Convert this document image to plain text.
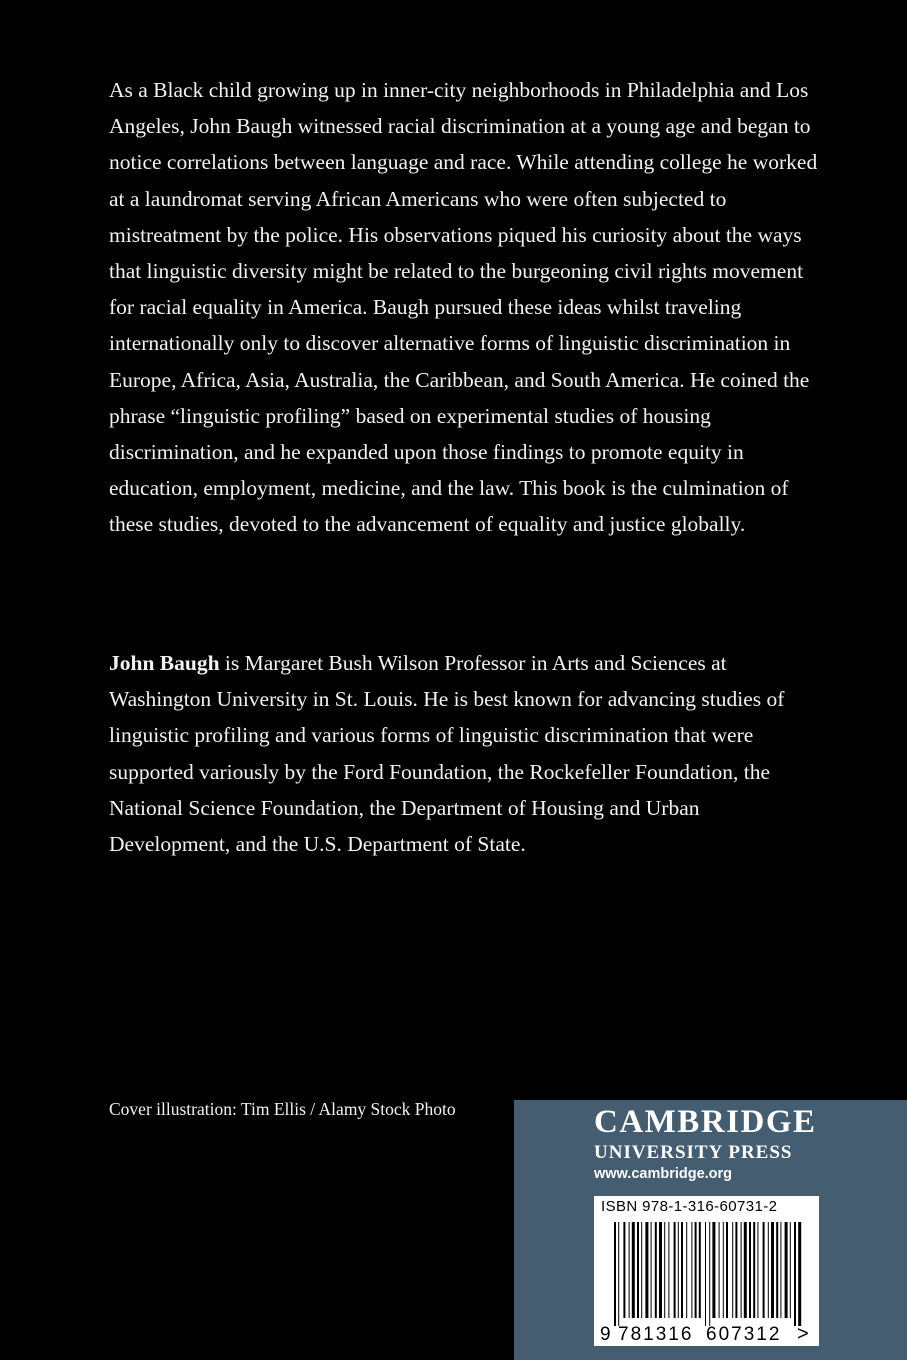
As a Black child growing up in inner-city neighborhoods in Philadelphia and Los Angeles, John Baugh witnessed racial discrimination at a young age and began to notice correlations between language and race. While attending college he worked at a laundromat serving African Americans who were often subjected to mistreatment by the police. His observations piqued his curiosity about the ways that linguistic diversity might be related to the burgeoning civil rights movement for racial equality in America. Baugh pursued these ideas whilst traveling internationally only to discover alternative forms of linguistic discrimination in Europe, Africa, Asia, Australia, the Caribbean, and South America. He coined the phrase “linguistic profiling” based on experimental studies of housing discrimination, and he expanded upon those findings to promote equity in education, employment, medicine, and the law. This book is the culmination of these studies, devoted to the advancement of equality and justice globally.

John Baugh is Margaret Bush Wilson Professor in Arts and Sciences at Washington University in St. Louis. He is best known for advancing studies of linguistic profiling and various forms of linguistic discrimination that were supported variously by the Ford Foundation, the Rockefeller Foundation, the National Science Foundation, the Department of Housing and Urban Development, and the U.S. Department of State.

Cover illustration: Tim Ellis / Alamy Stock Photo	CAMBRIDGE

UNIVERSITY PRESS

www.cambridge.org

ISBN 978-1-316-60731-2

9 781316 607312 >
